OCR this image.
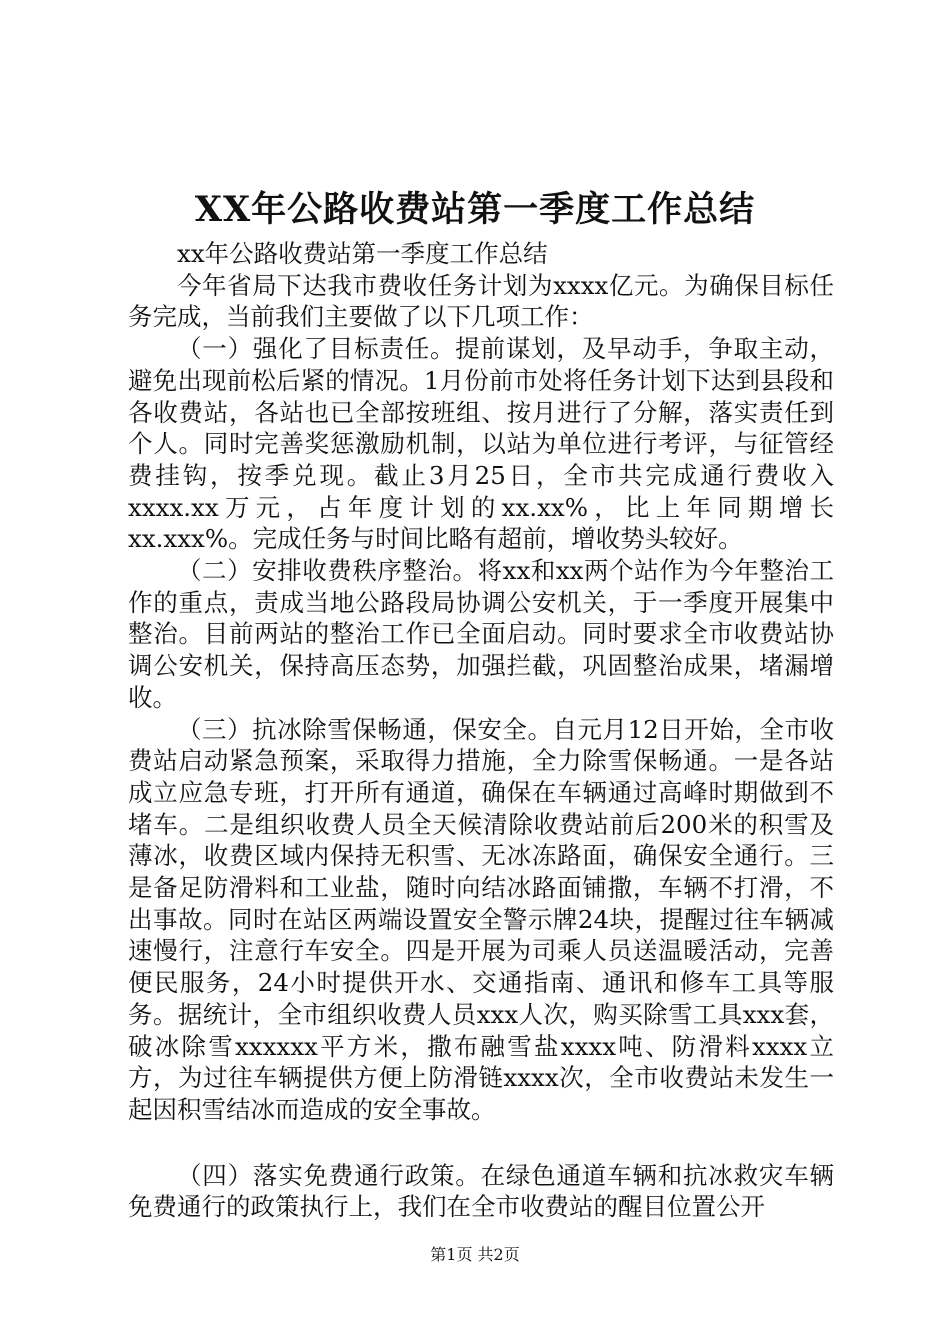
XX年公路收费站第一季度工作总结

xx年公路收费站第一季度工作总结

今年省局下达我市费收任务计划为xxxx亿元。为确保目标任务完成，当前我们主要做了以下几项工作：

（一）强化了目标责任。提前谋划，及早动手，争取主动，避免出现前松后紧的情况。1月份前市处将任务计划下达到县段和各收费站，各站也已全部按班组、按月进行了分解，落实责任到个人。同时完善奖惩激励机制，以站为单位进行考评，与征管经费挂钩，按季兑现。截止3月25日，全市共完成通行费收入xxxx.xx万元，占年度计划的xx.xx%，比上年同期增长xx.xxx%。完成任务与时间比略有超前，增收势头较好。

（二）安排收费秩序整治。将xx和xx两个站作为今年整治工作的重点，责成当地公路段局协调公安机关，于一季度开展集中整治。目前两站的整治工作已全面启动。同时要求全市收费站协调公安机关，保持高压态势，加强拦截，巩固整治成果，堵漏增收。

（三）抗冰除雪保畅通，保安全。自元月12日开始，全市收费站启动紧急预案，采取得力措施，全力除雪保畅通。一是各站成立应急专班，打开所有通道，确保在车辆通过高峰时期做到不堵车。二是组织收费人员全天候清除收费站前后200米的积雪及薄冰，收费区域内保持无积雪、无冰冻路面，确保安全通行。三是备足防滑料和工业盐，随时向结冰路面铺撒，车辆不打滑，不出事故。同时在站区两端设置安全警示牌24块，提醒过往车辆减速慢行，注意行车安全。四是开展为司乘人员送温暖活动，完善便民服务，24小时提供开水、交通指南、通讯和修车工具等服务。据统计，全市组织收费人员xxx人次，购买除雪工具xxx套，破冰除雪xxxxxx平方米，撒布融雪盐xxxx吨、防滑料xxxx立方，为过往车辆提供方便上防滑链xxxx次，全市收费站未发生一起因积雪结冰而造成的安全事故。

（四）落实免费通行政策。在绿色通道车辆和抗冰救灾车辆免费通行的政策执行上，我们在全市收费站的醒目位置公开

第1页 共2页
